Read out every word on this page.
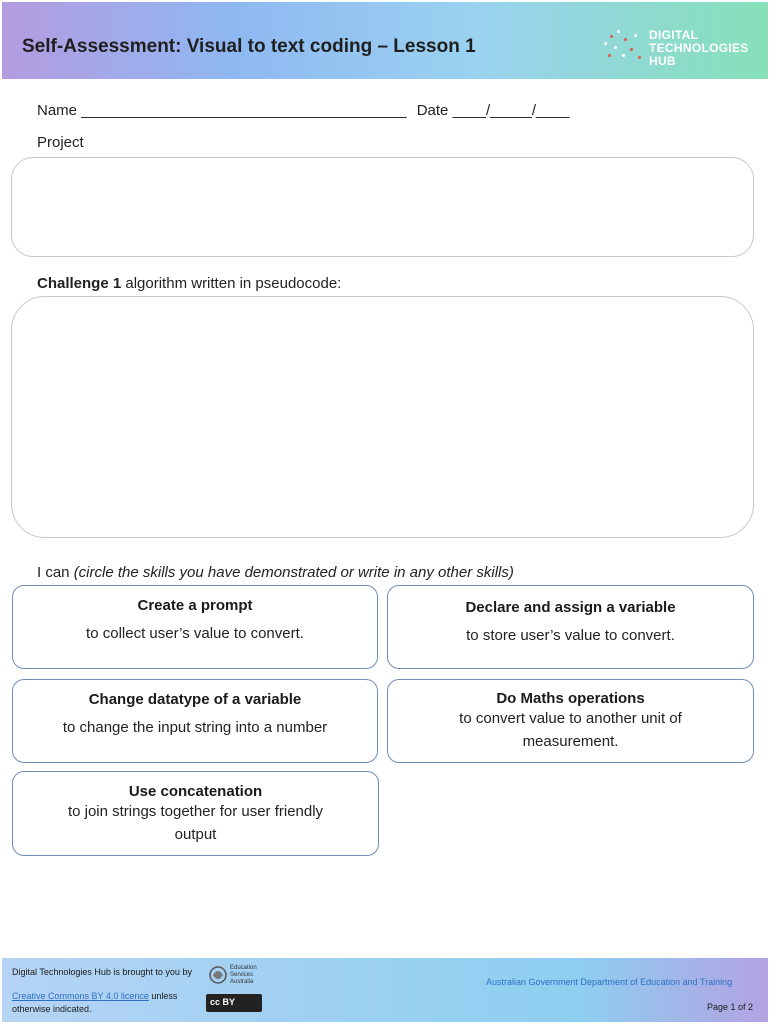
Self-Assessment: Visual to text coding – Lesson 1
DIGITAL
TECHNOLOGIES
HUB
Name _______________________________________ Date ____/_____/____
Project
Challenge 1 algorithm written in pseudocode:
I can (circle the skills you have demonstrated or write in any other skills)
Create a prompt
to collect user’s value to convert.
Declare and assign a variable
to store user’s value to convert.
Change datatype of a variable
to change the input string into a number
Do Maths operations
to convert value to another unit of measurement.
Use concatenation
to join strings together for user friendly output
Digital Technologies Hub is brought to you by	Education Services Australia
Creative Commons BY 4.0 licence unless
otherwise indicated.
cc BY
Australian Government Department of Education and Training
Page 1 of 2
